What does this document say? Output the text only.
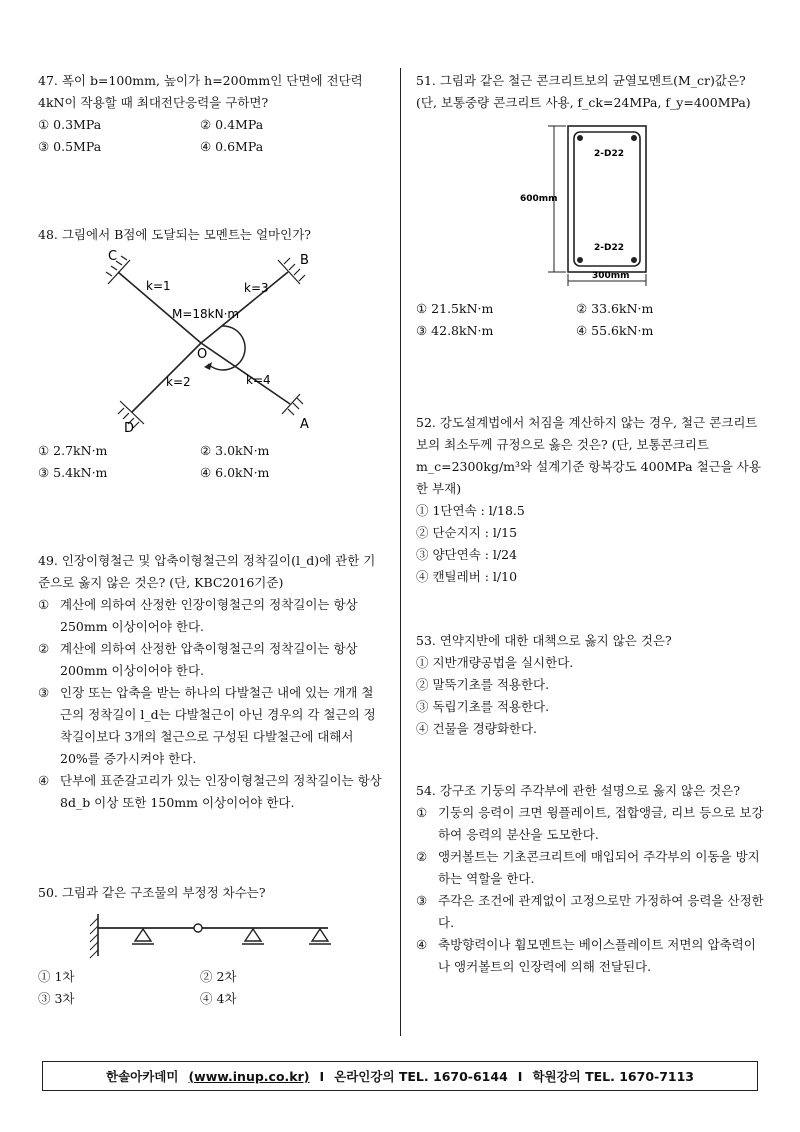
47. 폭이 b=100mm, 높이가 h=200mm인 단면에 전단력 4kN이 작용할 때 최대전단응력을 구하면?

① 0.3MPa	② 0.4MPa
③ 0.5MPa	④ 0.6MPa

48. 그림에서 B점에 도달되는 모멘트는 얼마인가?

C	B
D	A
O
k=1	k=3
k=2	k=4
M=18kN·m
① 2.7kN·m	② 3.0kN·m
③ 5.4kN·m	④ 6.0kN·m

49. 인장이형철근 및 압축이형철근의 정착길이(l_d)에 관한 기준으로 옳지 않은 것은? (단, KBC2016기준)

① 계산에 의하여 산정한 인장이형철근의 정착길이는 항상 250mm 이상이어야 한다.
② 계산에 의하여 산정한 압축이형철근의 정착길이는 항상 200mm 이상이어야 한다.
③ 인장 또는 압축을 받는 하나의 다발철근 내에 있는 개개 철근의 정착길이 l_d는 다발철근이 아닌 경우의 각 철근의 정착길이보다 3개의 철근으로 구성된 다발철근에 대해서 20%를 증가시켜야 한다.
④ 단부에 표준갈고리가 있는 인장이형철근의 정착길이는 항상 8d_b 이상 또한 150mm 이상이어야 한다.

50. 그림과 같은 구조물의 부정정 차수는?

① 1차	② 2차
③ 3차	④ 4차

51. 그림과 같은 철근 콘크리트보의 균열모멘트(M_cr)값은? (단, 보통중량 콘크리트 사용, f_ck=24MPa, f_y=400MPa)

600mm
2-D22
2-D22
300mm
① 21.5kN·m	② 33.6kN·m
③ 42.8kN·m	④ 55.6kN·m

52. 강도설계법에서 처짐을 계산하지 않는 경우, 철근 콘크리트 보의 최소두께 규정으로 옳은 것은? (단, 보통콘크리트 m_c=2300kg/m³와 설계기준 항복강도 400MPa 철근을 사용한 부재)

① 1단연속 : l/18.5
② 단순지지 : l/15
③ 양단연속 : l/24
④ 캔틸레버 : l/10

53. 연약지반에 대한 대책으로 옳지 않은 것은?

① 지반개량공법을 실시한다.
② 말뚝기초를 적용한다.
③ 독립기초를 적용한다.
④ 건물을 경량화한다.

54. 강구조 기둥의 주각부에 관한 설명으로 옳지 않은 것은?

① 기둥의 응력이 크면 윙플레이트, 접합앵글, 리브 등으로 보강하여 응력의 분산을 도모한다.
② 앵커볼트는 기초콘크리트에 매입되어 주각부의 이동을 방지하는 역할을 한다.
③ 주각은 조건에 관계없이 고정으로만 가정하여 응력을 산정한다.
④ 축방향력이나 휨모멘트는 베이스플레이트 저면의 압축력이나 앵커볼트의 인장력에 의해 전달된다.
한솔아카데미 (www.inup.co.kr) I 온라인강의 TEL. 1670-6144 I 학원강의 TEL. 1670-7113
